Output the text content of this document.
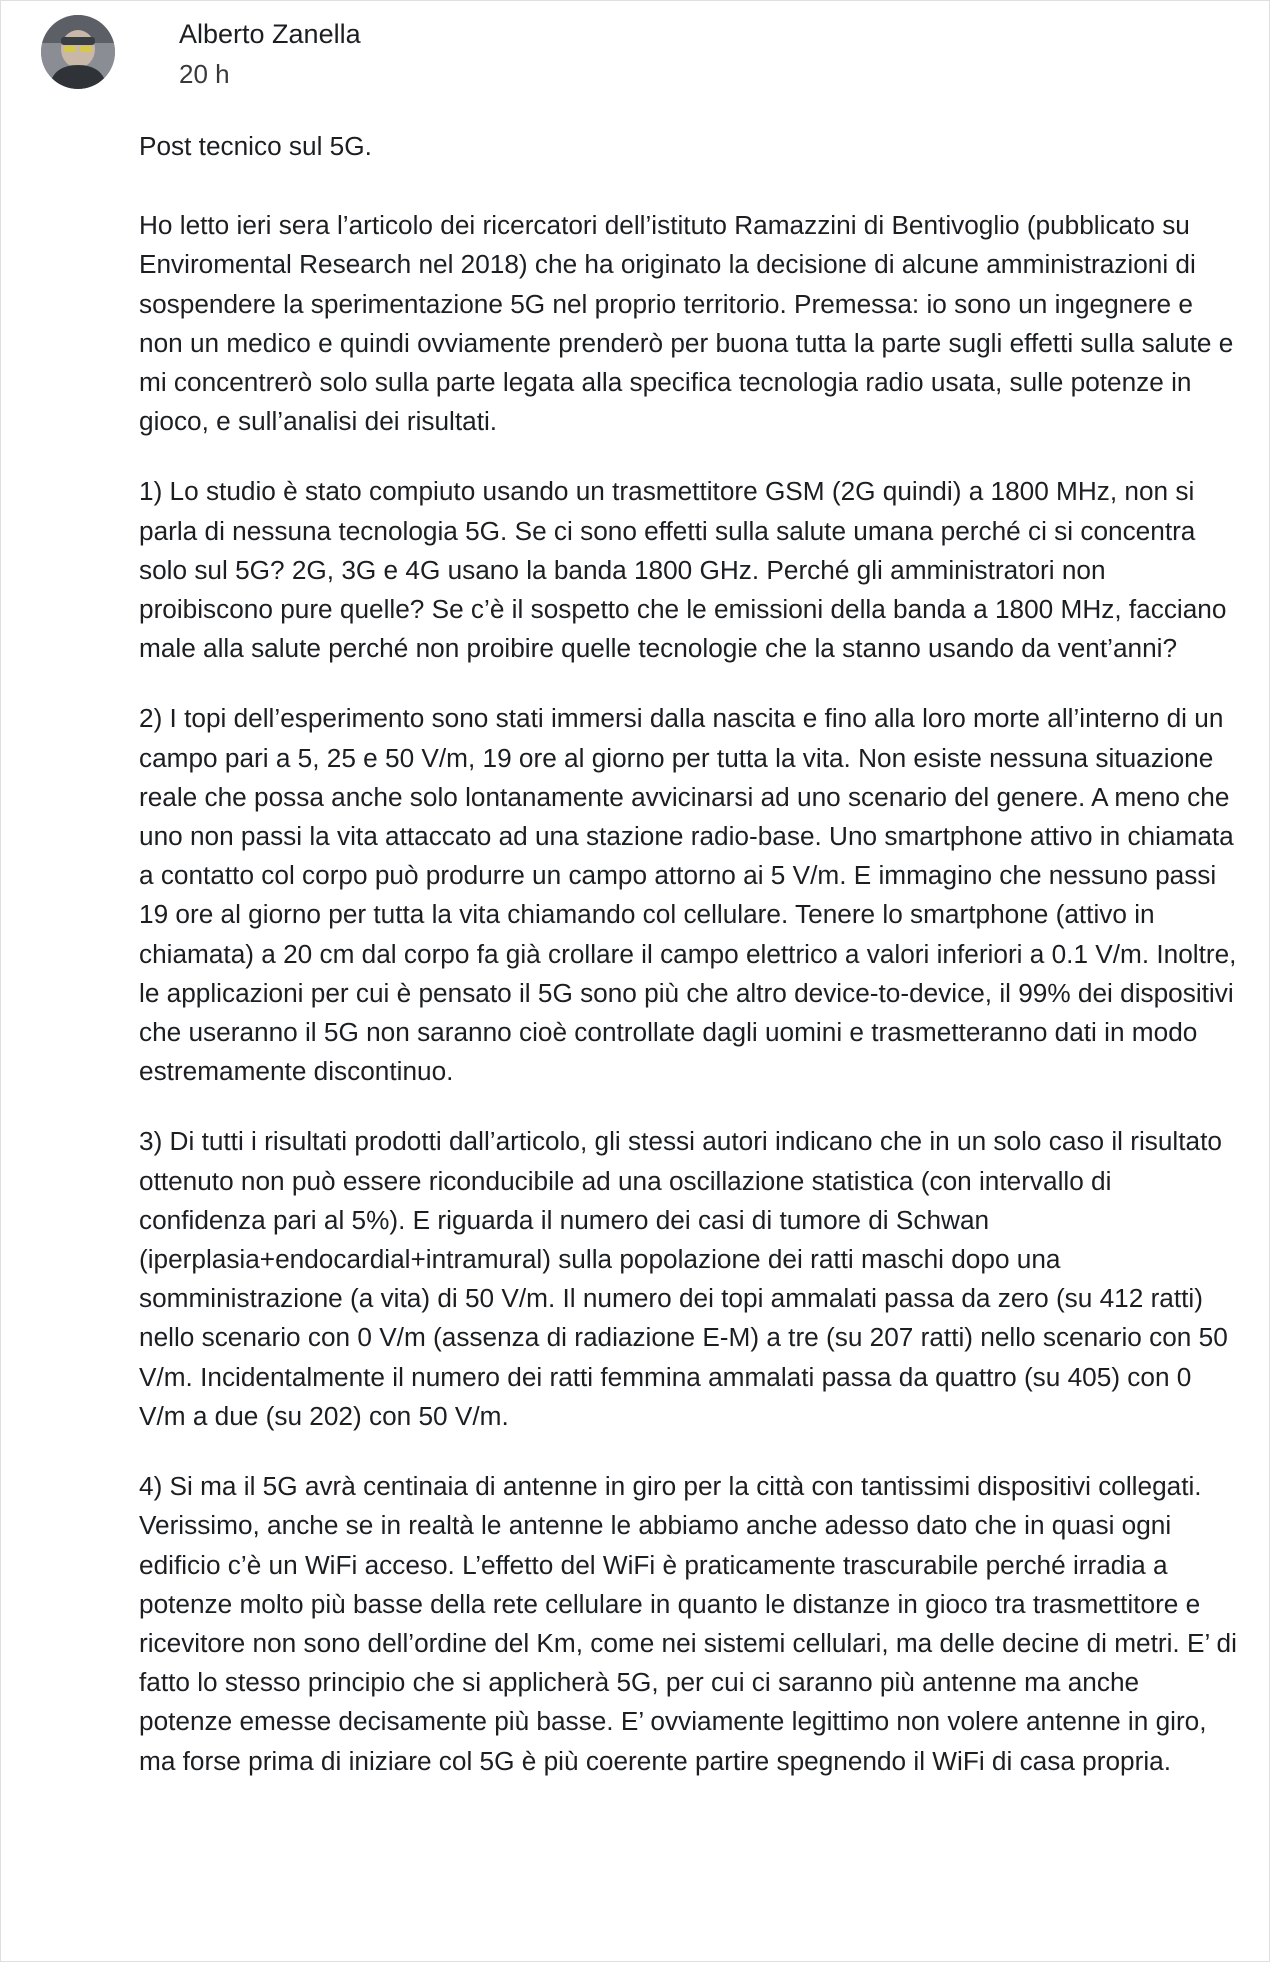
Alberto Zanella
20 h

Post tecnico sul 5G.

Ho letto ieri sera l’articolo dei ricercatori dell’istituto Ramazzini di Bentivoglio (pubblicato su Enviromental Research nel 2018) che ha originato la decisione di alcune amministrazioni di sospendere la sperimentazione 5G nel proprio territorio. Premessa: io sono un ingegnere e non un medico e quindi ovviamente prenderò per buona tutta la parte sugli effetti sulla salute e mi concentrerò solo sulla parte legata alla specifica tecnologia radio usata, sulle potenze in gioco, e sull’analisi dei risultati.

1) Lo studio è stato compiuto usando un trasmettitore GSM (2G quindi) a 1800 MHz, non si parla di nessuna tecnologia 5G. Se ci sono effetti sulla salute umana perché ci si concentra solo sul 5G? 2G, 3G e 4G usano la banda 1800 GHz. Perché gli amministratori non proibiscono pure quelle? Se c’è il sospetto che le emissioni della banda a 1800 MHz, facciano male alla salute perché non proibire quelle tecnologie che la stanno usando da vent’anni?

2) I topi dell’esperimento sono stati immersi dalla nascita e fino alla loro morte all’interno di un campo pari a 5, 25 e 50 V/m, 19 ore al giorno per tutta la vita. Non esiste nessuna situazione reale che possa anche solo lontanamente avvicinarsi ad uno scenario del genere. A meno che uno non passi la vita attaccato ad una stazione radio-base. Uno smartphone attivo in chiamata a contatto col corpo può produrre un campo attorno ai 5 V/m. E immagino che nessuno passi 19 ore al giorno per tutta la vita chiamando col cellulare. Tenere lo smartphone (attivo in chiamata) a 20 cm dal corpo fa già crollare il campo elettrico a valori inferiori a 0.1 V/m. Inoltre, le applicazioni per cui è pensato il 5G sono più che altro device-to-device, il 99% dei dispositivi che useranno il 5G non saranno cioè controllate dagli uomini e trasmetteranno dati in modo estremamente discontinuo.

3) Di tutti i risultati prodotti dall’articolo, gli stessi autori indicano che in un solo caso il risultato ottenuto non può essere riconducibile ad una oscillazione statistica (con intervallo di confidenza pari al 5%). E riguarda il numero dei casi di tumore di Schwan (iperplasia+endocardial+intramural) sulla popolazione dei ratti maschi dopo una somministrazione (a vita) di 50 V/m. Il numero dei topi ammalati passa da zero (su 412 ratti) nello scenario con 0 V/m (assenza di radiazione E-M) a tre (su 207 ratti) nello scenario con 50 V/m. Incidentalmente il numero dei ratti femmina ammalati passa da quattro (su 405) con 0 V/m a due (su 202) con 50 V/m.

4) Si ma il 5G avrà centinaia di antenne in giro per la città con tantissimi dispositivi collegati. Verissimo, anche se in realtà le antenne le abbiamo anche adesso dato che in quasi ogni edificio c’è un WiFi acceso. L’effetto del WiFi è praticamente trascurabile perché irradia a potenze molto più basse della rete cellulare in quanto le distanze in gioco tra trasmettitore e ricevitore non sono dell’ordine del Km, come nei sistemi cellulari, ma delle decine di metri. E’ di fatto lo stesso principio che si applicherà 5G, per cui ci saranno più antenne ma anche potenze emesse decisamente più basse. E’ ovviamente legittimo non volere antenne in giro, ma forse prima di iniziare col 5G è più coerente partire spegnendo il WiFi di casa propria.
